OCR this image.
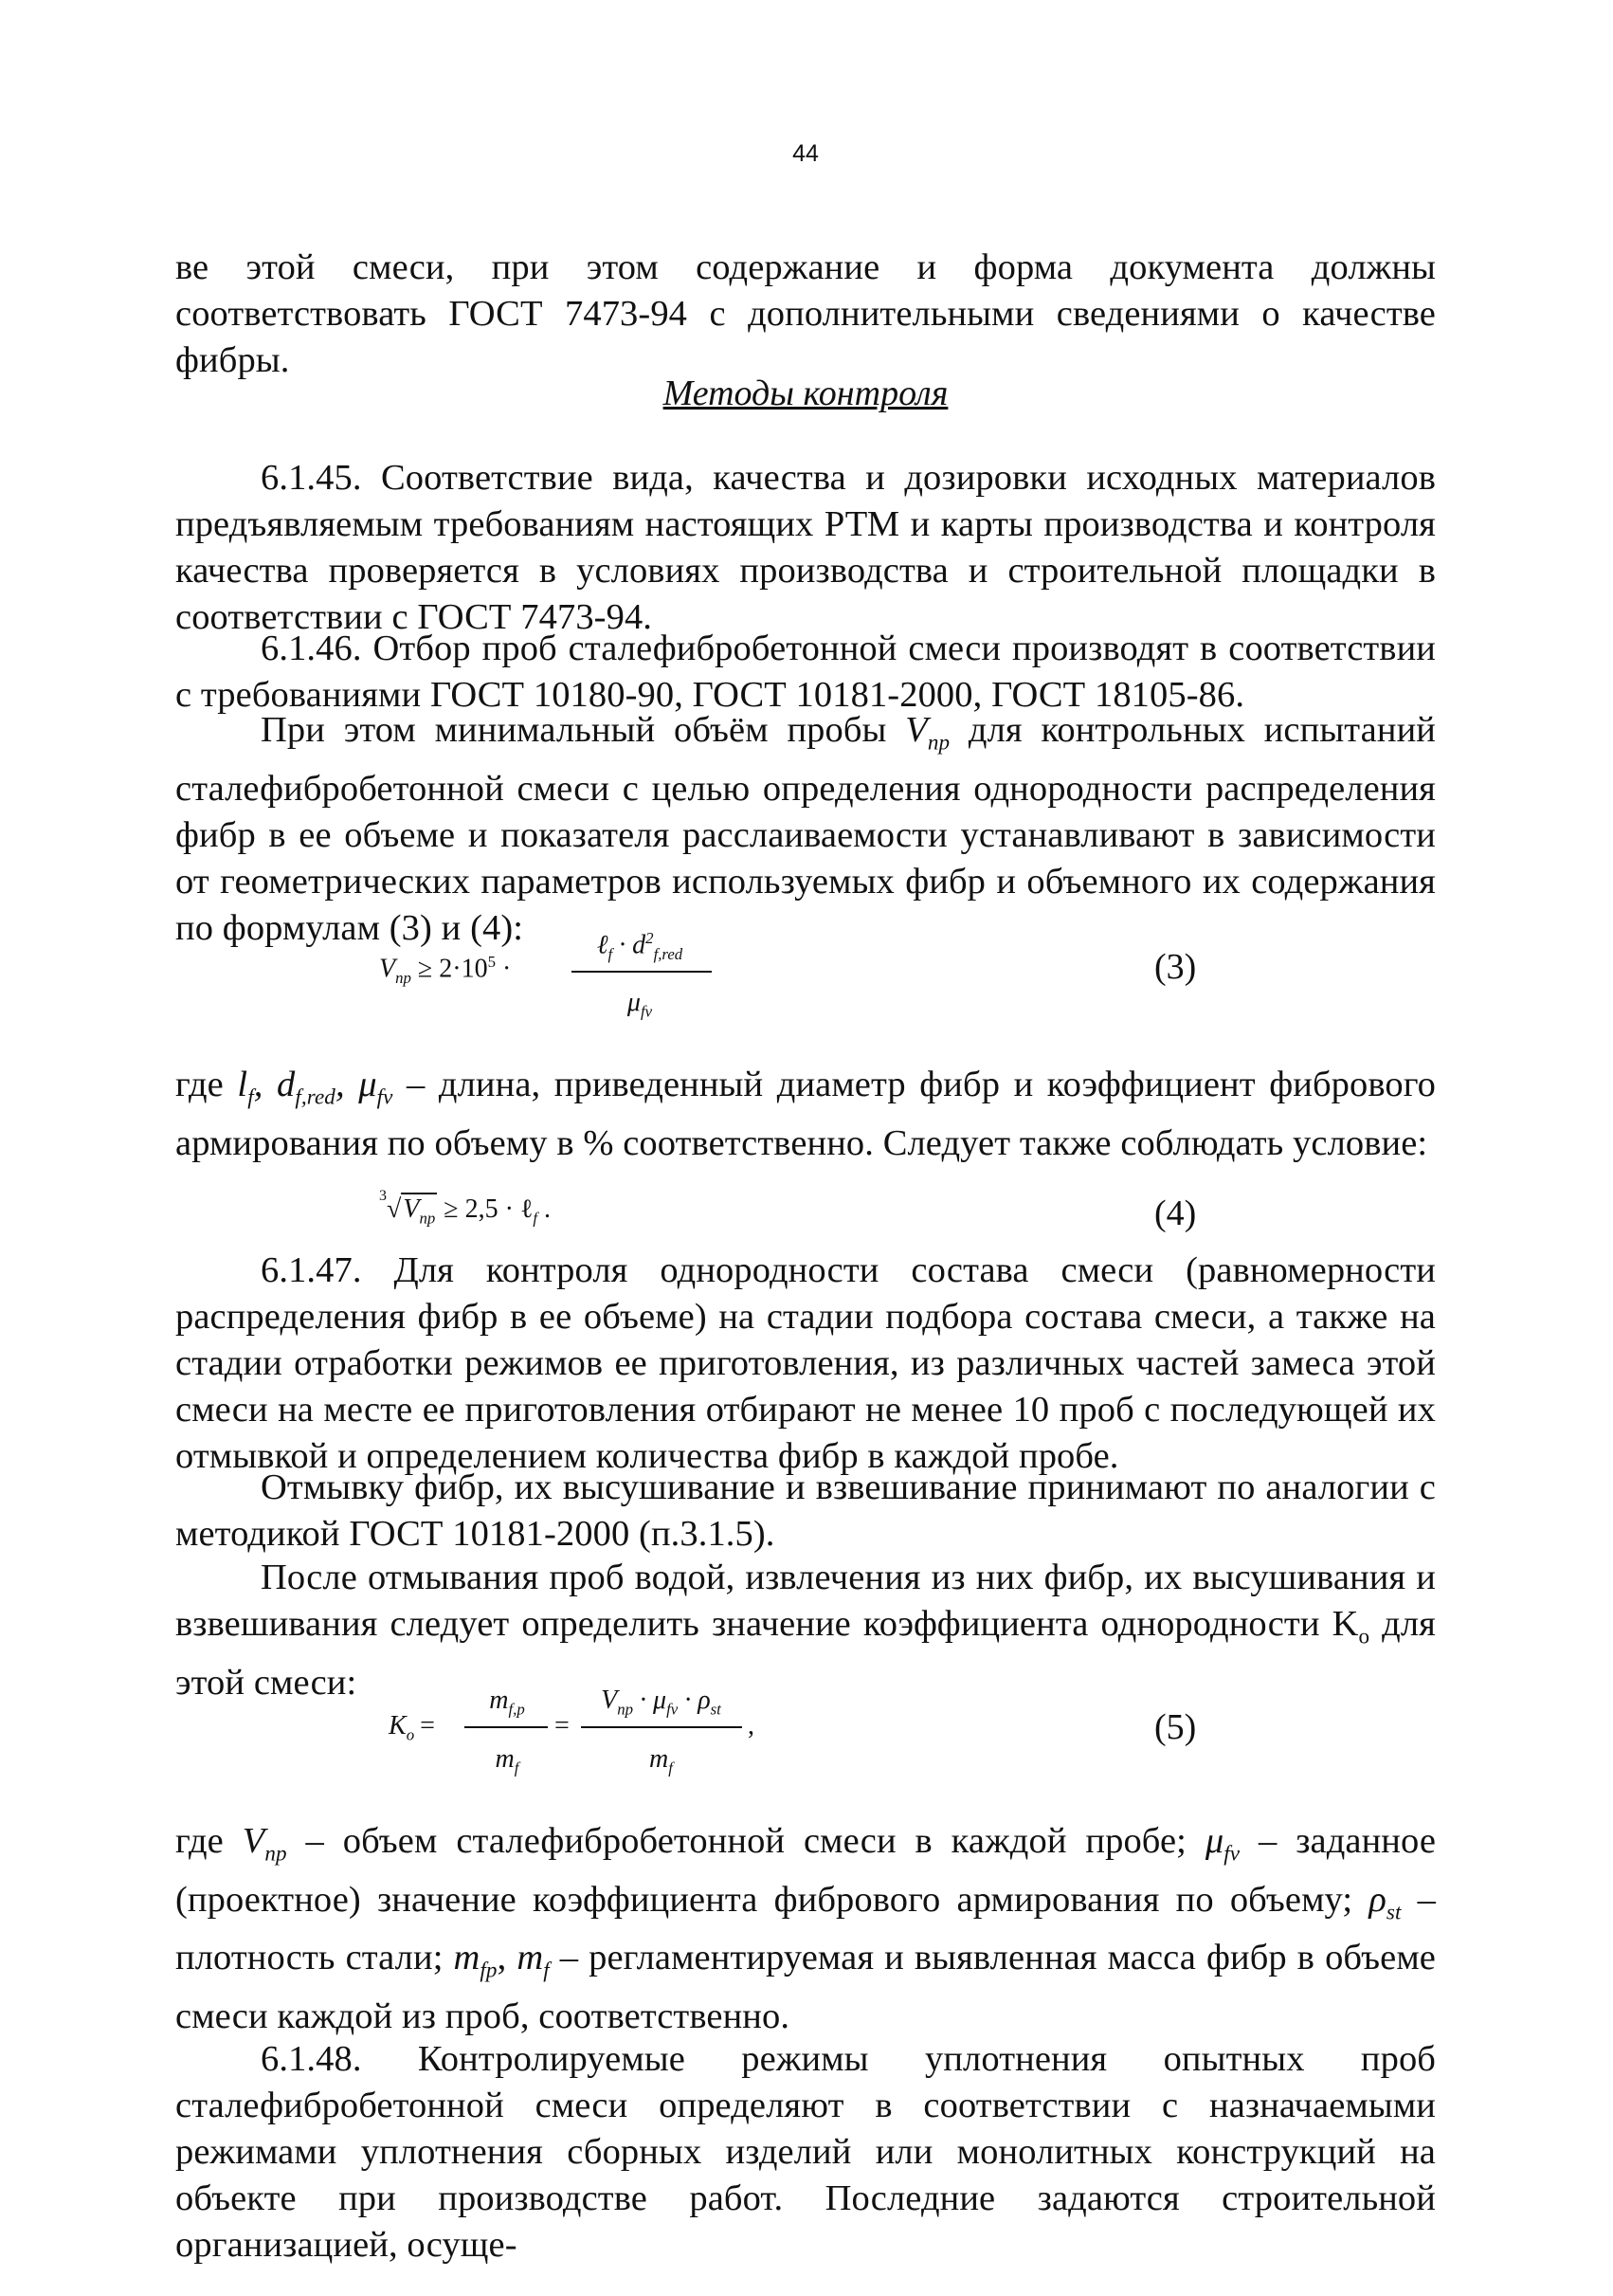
44
ве этой смеси, при этом содержание и форма документа должны соответствовать ГОСТ 7473-94 с дополнительными сведениями о качестве фибры.
Методы контроля
6.1.45. Соответствие вида, качества и дозировки исходных материалов предъявляемым требованиям настоящих РТМ и карты производства и контроля качества проверяется в условиях производства и строительной площадки в соответствии с ГОСТ 7473-94.
6.1.46. Отбор проб сталефибробетонной смеси производят в соответствии с требованиями ГОСТ 10180-90, ГОСТ 10181-2000, ГОСТ 18105-86.
При этом минимальный объём пробы $V_{пр}$ для контрольных испытаний сталефибробетонной смеси с целью определения однородности распределения фибр в ее объеме и показателя расслаиваемости устанавливают в зависимости от геометрических параметров используемых фибр и объемного их содержания по формулам (3) и (4):
$V_{пр} \ge 2\cdot 10^5$ ·
ℓ$_f$ · $d^2_{f,red}$
$\mu_{fv}$
(3)
где $l_f$, $d_{f,red}$, $\mu_{fv}$ – длина, приведенный диаметр фибр и коэффициент фибрового армирования по объему в % соответственно. Следует также соблюдать условие:
$^3√V_{пр} \ge 2,5$ · ℓ$_f$ .	(4)
6.1.47. Для контроля однородности состава смеси (равномерности распределения фибр в ее объеме) на стадии подбора состава смеси, а также на стадии отработки режимов ее приготовления, из различных частей замеса этой смеси на месте ее приготовления отбирают не менее 10 проб с последующей их отмывкой и определением количества фибр в каждой пробе.
Отмывку фибр, их высушивание и взвешивание принимают по аналогии с методикой ГОСТ 10181-2000 (п.3.1.5).
После отмывания проб водой, извлечения из них фибр, их высушивания и взвешивания следует определить значение коэффициента однородности $K_о$ для этой смеси:
$K_o$ =
$m_{f,p}$
$m_f$
=
$V_{пр} \cdot \mu_{fv} \cdot \rho_{st}$
$m_f$
,	(5)
где $V_{пр}$ – объем сталефибробетонной смеси в каждой пробе; $\mu_{fv}$ – заданное (проектное) значение коэффициента фибрового армирования по объему; $\rho_{st}$ – плотность стали; $m_{fp}$, $m_f$ – регламентируемая и выявленная масса фибр в объеме смеси каждой из проб, соответственно.
6.1.48. Контролируемые режимы уплотнения опытных проб сталефибробетонной смеси определяют в соответствии с назначаемыми режимами уплотнения сборных изделий или монолитных конструкций на объекте при производстве работ. Последние задаются строительной организацией, осуще-
